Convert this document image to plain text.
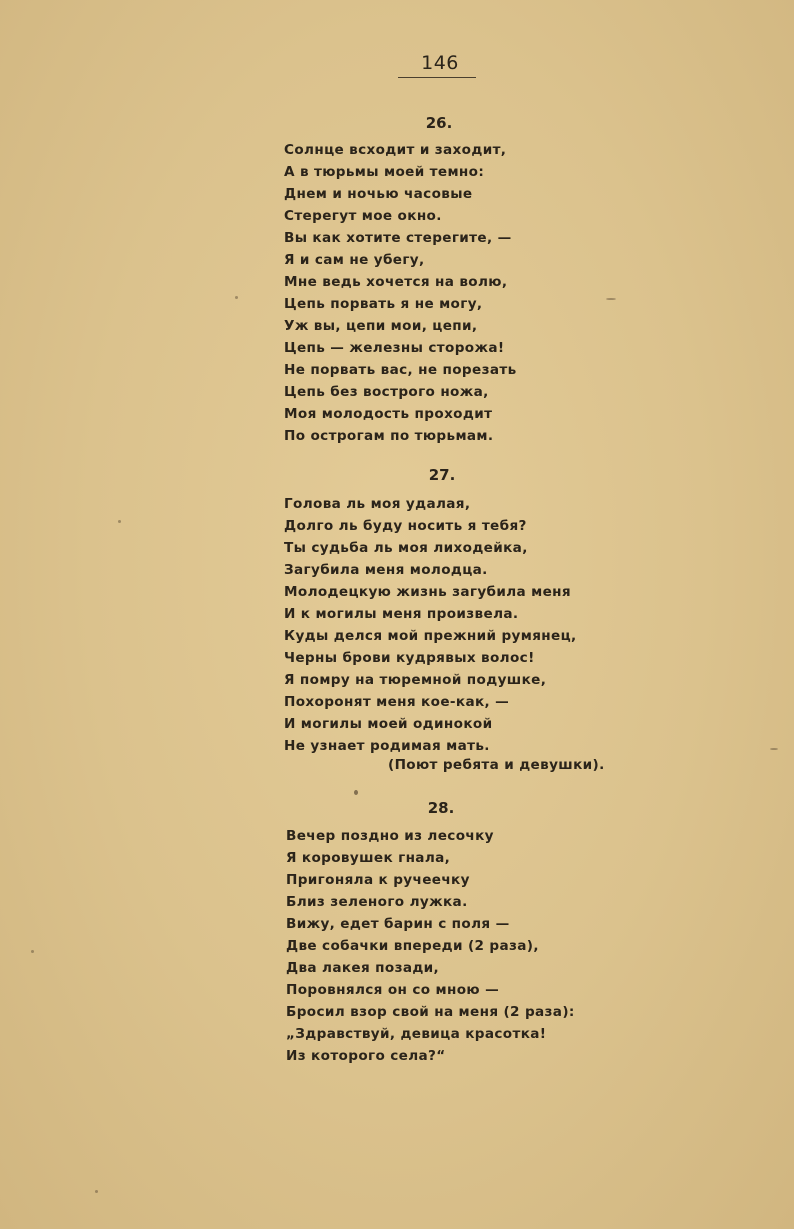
146
26.
Солнце всходит и заходит,
А в тюрьмы моей темно:
Днем и ночью часовые
Стерегут мое окно.
Вы как хотите стерегите, —
Я и сам не убегу,
Мне ведь хочется на волю,
Цепь порвать я не могу,
Уж вы, цепи мои, цепи,
Цепь — железны сторожа!
Не порвать вас, не порезать
Цепь без вострого ножа,
Моя молодость проходит
По острогам по тюрьмам.
27.
Голова ль моя удалая,
Долго ль буду носить я тебя?
Ты судьба ль моя лиходейка,
Загубила меня молодца.
Молодецкую жизнь загубила меня
И к могилы меня произвела.
Куды делся мой прежний румянец,
Черны брови кудрявых волос!
Я помру на тюремной подушке,
Похоронят меня кое-как, —
И могилы моей одинокой
Не узнает родимая мать.
(Поют ребята и девушки).
28.
Вечер поздно из лесочку
Я коровушек гнала,
Пригоняла к ручеечку
Близ зеленого лужка.
Вижу, едет барин с поля —
Две собачки впереди (2 раза),
Два лакея позади,
Поровнялся он со мною —
Бросил взор свой на меня (2 раза):
„Здравствуй, девица красотка!
Из которого села?“
